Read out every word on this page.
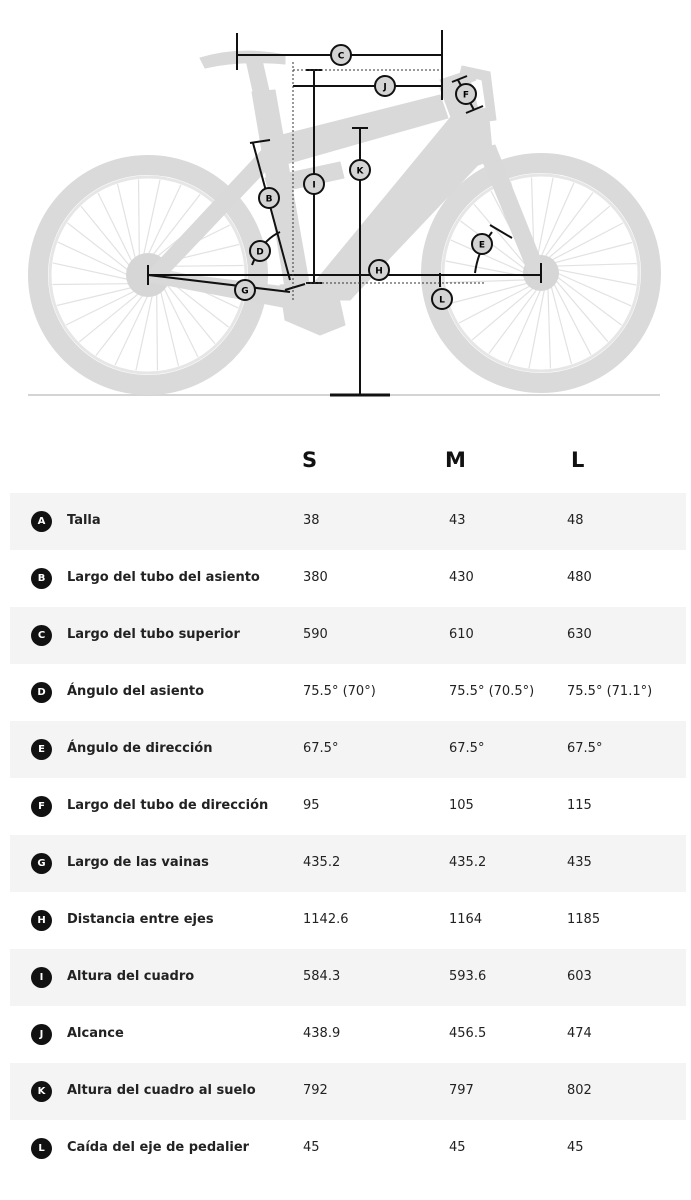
C
J
F
K
I
B
D
E
H
G
L
S	M	L
A	Talla	38	43	48
B	Largo del tubo del asiento	380	430	480
C	Largo del tubo superior	590	610	630
D	Ángulo del asiento	75.5° (70°)	75.5° (70.5°)	75.5° (71.1°)
E	Ángulo de dirección	67.5°	67.5°	67.5°
F	Largo del tubo de dirección	95	105	115
G	Largo de las vainas	435.2	435.2	435
H	Distancia entre ejes	1142.6	1164	1185
I	Altura del cuadro	584.3	593.6	603
J	Alcance	438.9	456.5	474
K	Altura del cuadro al suelo	792	797	802
L	Caída del eje de pedalier	45	45	45
